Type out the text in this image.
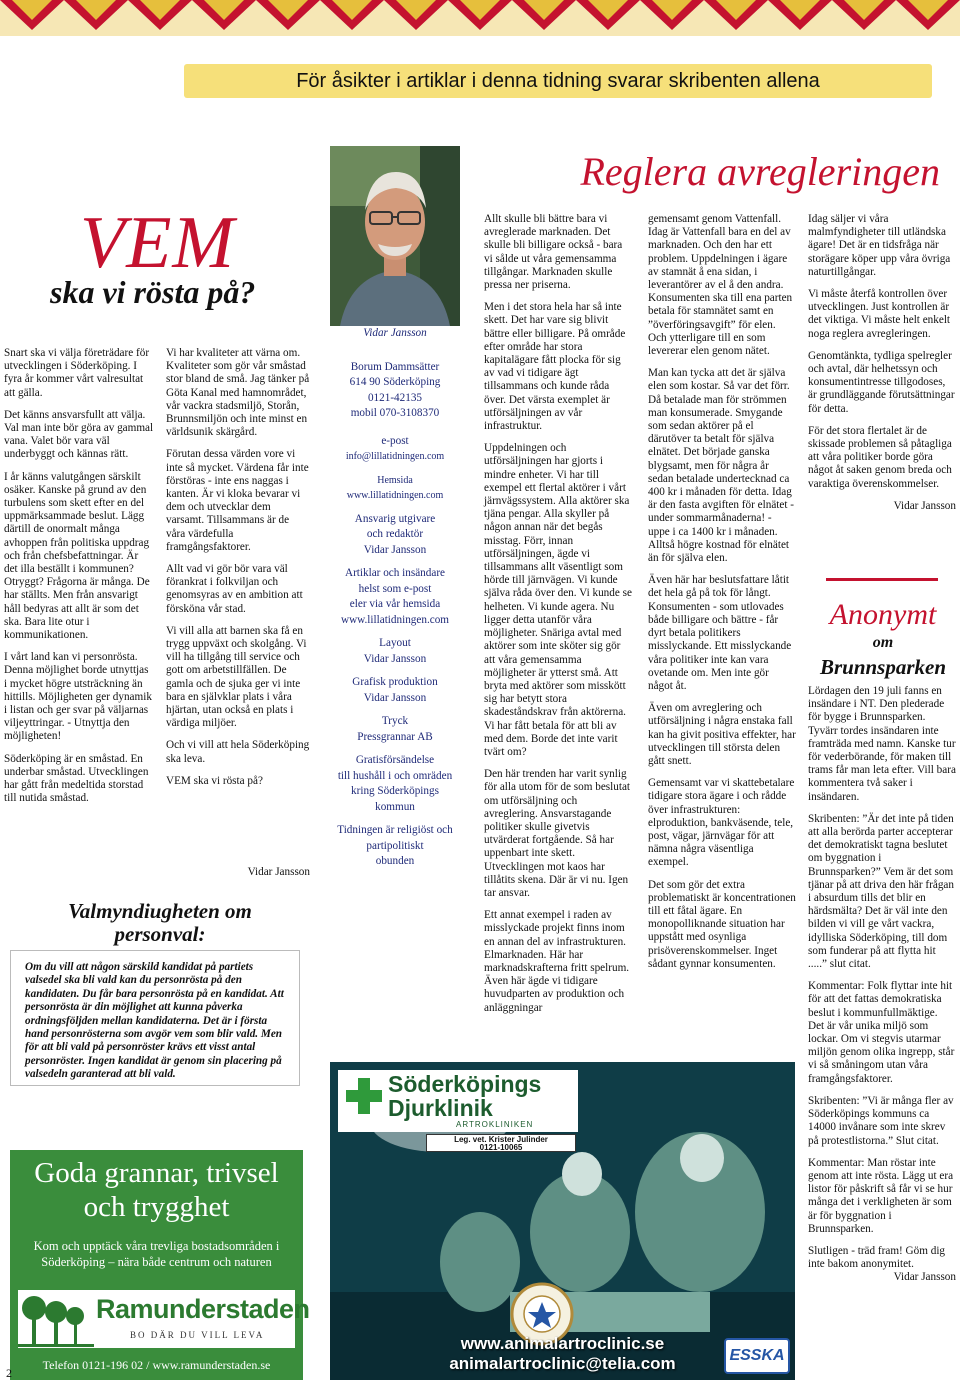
För åsikter i artiklar i denna tidning svarar skribenten allena
Reglera avregleringen
VEM
ska vi rösta på?

Snart ska vi välja företrädare för utvecklingen i Söderköping. I fyra år kommer vårt valresultat att gälla.

Det känns ansvarsfullt att välja. Val man inte bör göra av gammal vana. Valet bör vara väl underbyggt och kännas rätt.

I år känns valutgången särskilt osäker. Kanske på grund av den turbulens som skett efter en del uppmärksammade beslut. Lägg därtill de onormalt många avhoppen från politiska uppdrag och från chefsbefattningar. Är det illa beställt i kommunen? Otryggt? Frågorna är många. De har ställts. Men från ansvarigt håll bedyras att allt är som det ska. Bara lite otur i kommunikationen.

I vårt land kan vi personrösta. Denna möjlighet borde utnyttjas i mycket högre utsträckning än hittills. Möjligheten ger dynamik i listan och ger svar på väljarnas viljeyttringar. - Utnyttja den möjligheten!

Söderköping är en småstad. En underbar småstad. Utvecklingen har gått från medeltida storstad till nutida småstad.

Vi har kvaliteter att värna om. Kvaliteter som gör vår småstad stor bland de små. Jag tänker på Göta Kanal med hamnområdet, vår vackra stadsmiljö, Storån, Brunnsmiljön och inte minst en världsunik skärgård.

Förutan dessa värden vore vi inte så mycket. Värdena får inte förstöras - inte ens naggas i kanten. Är vi kloka bevarar vi dem och utvecklar dem varsamt. Tillsammans är de våra värdefulla framgångsfaktorer.

Allt vad vi gör bör vara väl förankrat i folkviljan och genomsyras av en ambition att försköna vår stad.

Vi vill alla att barnen ska få en trygg uppväxt och skolgång. Vi vill ha tillgång till service och gott om arbetstillfällen. De gamla och de sjuka ger vi inte bara en självklar plats i våra hjärtan, utan också en plats i värdiga miljöer.

Och vi vill att hela Söderköping ska leva.

VEM ska vi rösta på?

Vidar Jansson
Valmyndiugheten om personval:
Om du vill att någon särskild kandidat på partiets valsedel ska bli vald kan du personrösta på den kandidaten. Du får bara personrösta på en kandidat. Att personrösta är din möjlighet att kunna påverka ordningsföljden mellan kandidaterna. Det är i första hand personrösterna som avgör vem som blir vald. Men för att bli vald på personröster krävs ett visst antal personröster. Ingen kandidat är genom sin placering på valsedeln garanterad att bli vald.
Goda grannar, trivsel och trygghet
Kom och upptäck våra trevliga bostadsområden i Söderköping – nära både centrum och naturen
Ramunderstaden
BO DÄR DU VILL LEVA
Telefon 0121-196 02 / www.ramunderstaden.se
2

Vidar Jansson

Borum Dammsätter
614 90 Söderköping
0121-42135
mobil 070-3108370

e-post
info@lillatidningen.com

Hemsida
www.lillatidningen.com

Ansvarig utgivare
och redaktör
Vidar Jansson

Artiklar och insändare
helst som e-post
eler via vår hemsida
www.lillatidningen.com

Layout
Vidar Jansson

Grafisk produktion
Vidar Jansson

Tryck
Pressgrannar AB

Gratisförsändelse
till hushåll i och omräden kring Söderköpings
kommun

Tidningen är religiöst och partipolitiskt
obunden

Allt skulle bli bättre bara vi avreglerade marknaden. Det skulle bli billigare också - bara vi sålde ut våra gemensamma tillgångar. Marknaden skulle pressa ner priserna.

Men i det stora hela har så inte skett. Det har vare sig blivit bättre eller billigare. På område efter område har stora kapitalägare fått plocka för sig av vad vi tidigare ägt tillsammans och kunde råda över. Det värsta exemplet är utförsäljningen av vår infrastruktur.

Uppdelningen och utförsäljningen har gjorts i mindre enheter. Vi har till exempel ett flertal aktörer i vårt järnvägssystem. Alla aktörer ska tjäna pengar. Alla skyller på någon annan när det begås misstag. Förr, innan utförsäljningen, ägde vi tillsammans allt väsentligt som hörde till järnvägen. Vi kunde själva råda över den. Vi kunde se helheten. Vi kunde agera. Nu ligger detta utanför våra möjligheter. Snäriga avtal med aktörer som inte sköter sig gör att våra gemensamma möjligheter är ytterst små. Att bryta med aktörer som misskött sig har betytt stora skadeståndskrav från aktörerna. Vi har fått betala för att bli av med dem. Borde det inte varit tvärt om?

Den här trenden har varit synlig för alla utom för de som beslutat om utförsäljning och avreglering. Ansvarstagande politiker skulle givetvis utvärderat fortgående. Så har uppenbart inte skett. Utvecklingen mot kaos har tillåtits skena. Där är vi nu. Igen tar ansvar.

Ett annat exempel i raden av misslyckade projekt finns inom en annan del av infrastrukturen. Elmarknaden. Här har marknadskrafterna fritt spelrum. Även här ägde vi tidigare huvudparten av produktion och anläggningar

gemensamt genom Vattenfall. Idag är Vattenfall bara en del av marknaden. Och den har ett problem. Uppdelningen i ägare av stamnät å ena sidan, i leverantörer av el å den andra. Konsumenten ska till ena parten betala för stamnätet samt en ”överföringsavgift” för elen. Och ytterligare till en som levererar elen genom nätet.

Man kan tycka att det är själva elen som kostar. Så var det förr. Då betalade man för strömmen man konsumerade. Smygande som sedan aktörer på el därutöver ta betalt för själva elnätet. Det började ganska blygsamt, men för några år sedan betalade undertecknad ca 400 kr i månaden för detta. Idag är den fasta avgiften för elnätet - under sommarmånaderna! - uppe i ca 1400 kr i månaden. Alltså högre kostnad för elnätet än för själva elen.

Även här har beslutsfattare låtit det hela gå på tok för långt. Konsumenten - som utlovades både billigare och bättre - får dyrt betala politikers misslyckande. Ett misslyckande våra politiker inte kan vara ovetande om. Men inte gör något åt.

Även om avreglering och utförsäljning i några enstaka fall kan ha givit positiva effekter, har utvecklingen till största delen gått snett.

Gemensamt var vi skattebetalare tidigare stora ägare i och rådde över infrastrukturen: elproduktion, bankväsende, tele, post, vägar, järnvägar för att nämna några väsentliga exempel.

Det som gör det extra problematiskt är koncentrationen till ett fåtal ägare. En monopolliknande situation har uppstått med osynliga prisöverenskommelser. Inget sådant gynnar konsumenten.

Idag säljer vi våra malmfyndigheter till utländska ägare! Det är en tidsfråga när storägare köper upp våra övriga naturtillgångar.

Vi måste återfå kontrollen över utvecklingen. Just kontrollen är det viktiga. Vi måste helt enkelt noga reglera avregleringen.

Genomtänkta, tydliga spelregler och avtal, där helhetssyn och konsumentintresse tillgodoses, är grundläggande förutsättningar för detta.

För det stora flertalet är de skissade problemen så påtagliga att våra politiker borde göra något åt saken genom breda och varaktiga överenskommelser.

Vidar Jansson

Anonymt
om
Brunnsparken

Lördagen den 19 juli fanns en insändare i NT. Den plederade för bygge i Brunnsparken. Tyvärr tordes insändaren inte framträda med namn. Kanske tur för vederbörande, för maken till trams får man leta efter. Vill bara kommentera två saker i insändaren.

Skribenten: ”Är det inte på tiden att alla berörda parter accepterar det demokratiskt tagna beslutet om byggnation i Brunnsparken?” Vem är det som tjänar på att driva den här frågan i absurdum tills det blir en härdsmälta? Det är väl inte den bilden vi vill ge vårt vackra, idylliska Söderköping, till dom som funderar på att flytta hit .....” slut citat.

Kommentar: Folk flyttar inte hit för att det fattas demokratiska beslut i kommunfullmäktige. Det är vår unika miljö som lockar. Om vi stegvis utarmar miljön genom olika ingrepp, står vi så småningom utan våra framgångsfaktorer.

Skribenten: ”Vi är många fler av Söderköpings kommuns ca 14000 invånare som inte skrev på protestlistorna.” Slut citat.

Kommentar: Man röstar inte genom att inte rösta. Lägg ut era listor för påskrift så får vi se hur många det i verkligheten är som är för byggnation i Brunnsparken.

Slutligen - träd fram! Göm dig inte bakom anonymitet.

Vidar Jansson

Söderköpings
Djurklinik
ARTROKLINIKEN
Leg. vet. Krister Julinder
0121-10065
www.animalartroclinic.se
animalartroclinic@telia.com	ESSKA
